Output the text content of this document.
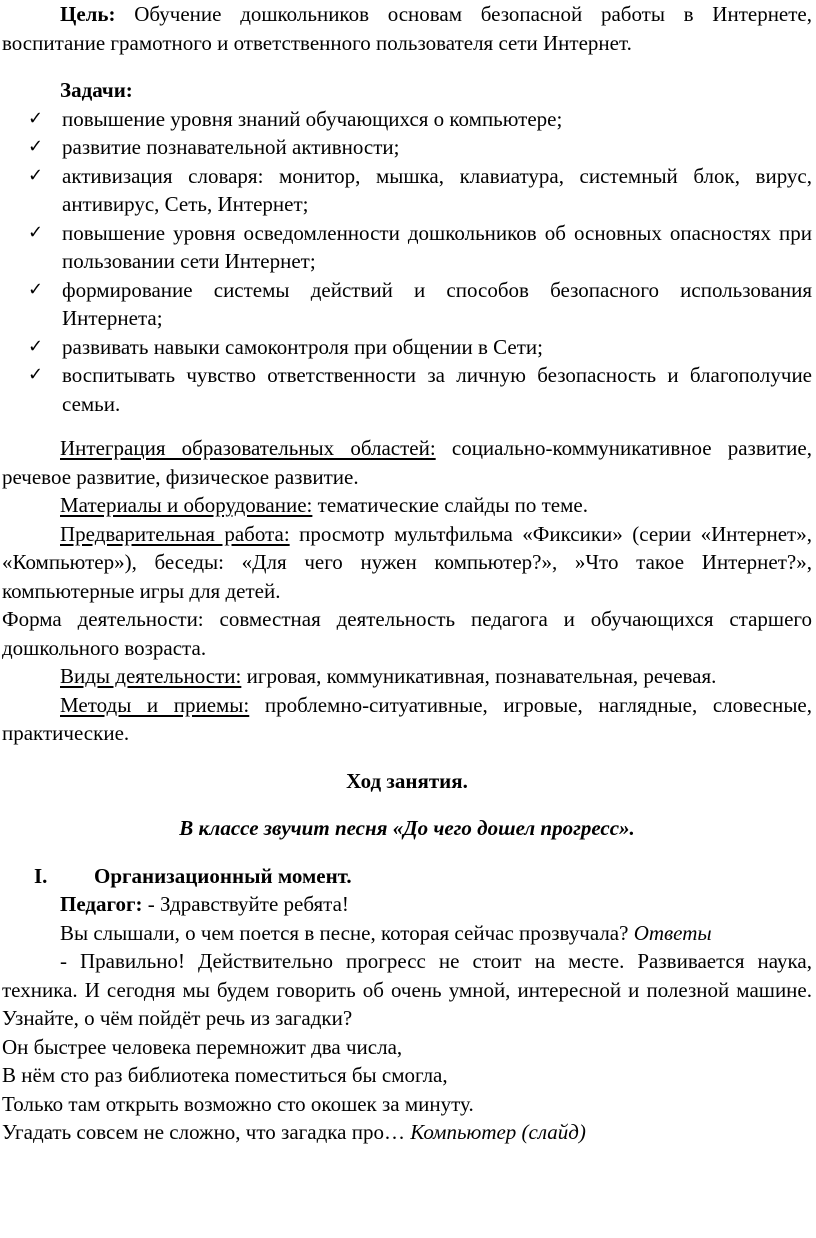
Цель: Обучение дошкольников основам безопасной работы в Интернете, воспитание грамотного и ответственного пользователя сети Интернет.

Задачи:

✓ повышение уровня знаний обучающихся о компьютере;
✓ развитие познавательной активности;
✓ активизация словаря: монитор, мышка, клавиатура, системный блок, вирус, антивирус, Сеть, Интернет;
✓ повышение уровня осведомленности дошкольников об основных опасностях при пользовании сети Интернет;
✓ формирование системы действий и способов безопасного использования Интернета;
✓ развивать навыки самоконтроля при общении в Сети;
✓ воспитывать чувство ответственности за личную безопасность и благополучие семьи.

Интеграция образовательных областей: социально-коммуникативное развитие, речевое развитие, физическое развитие.

Материалы и оборудование: тематические слайды по теме.

Предварительная работа: просмотр мультфильма «Фиксики» (серии «Интернет», «Компьютер»), беседы: «Для чего нужен компьютер?», »Что такое Интернет?», компьютерные игры для детей.

Форма деятельности: совместная деятельность педагога и обучающихся старшего дошкольного возраста.

Виды деятельности: игровая, коммуникативная, познавательная, речевая.

Методы и приемы: проблемно-ситуативные, игровые, наглядные, словесные, практические.

Ход занятия.

В классе звучит песня «До чего дошел прогресс».

I. Организационный момент.

Педагог: - Здравствуйте ребята!

Вы слышали, о чем поется в песне, которая сейчас прозвучала? Ответы

- Правильно! Действительно прогресс не стоит на месте. Развивается наука, техника. И сегодня мы будем говорить об очень умной, интересной и полезной машине. Узнайте, о чём пойдёт речь из загадки?

Он быстрее человека перемножит два числа,

В нём сто раз библиотека поместиться бы смогла,

Только там открыть возможно сто окошек за минуту.

Угадать совсем не сложно, что загадка про… Компьютер (слайд)
